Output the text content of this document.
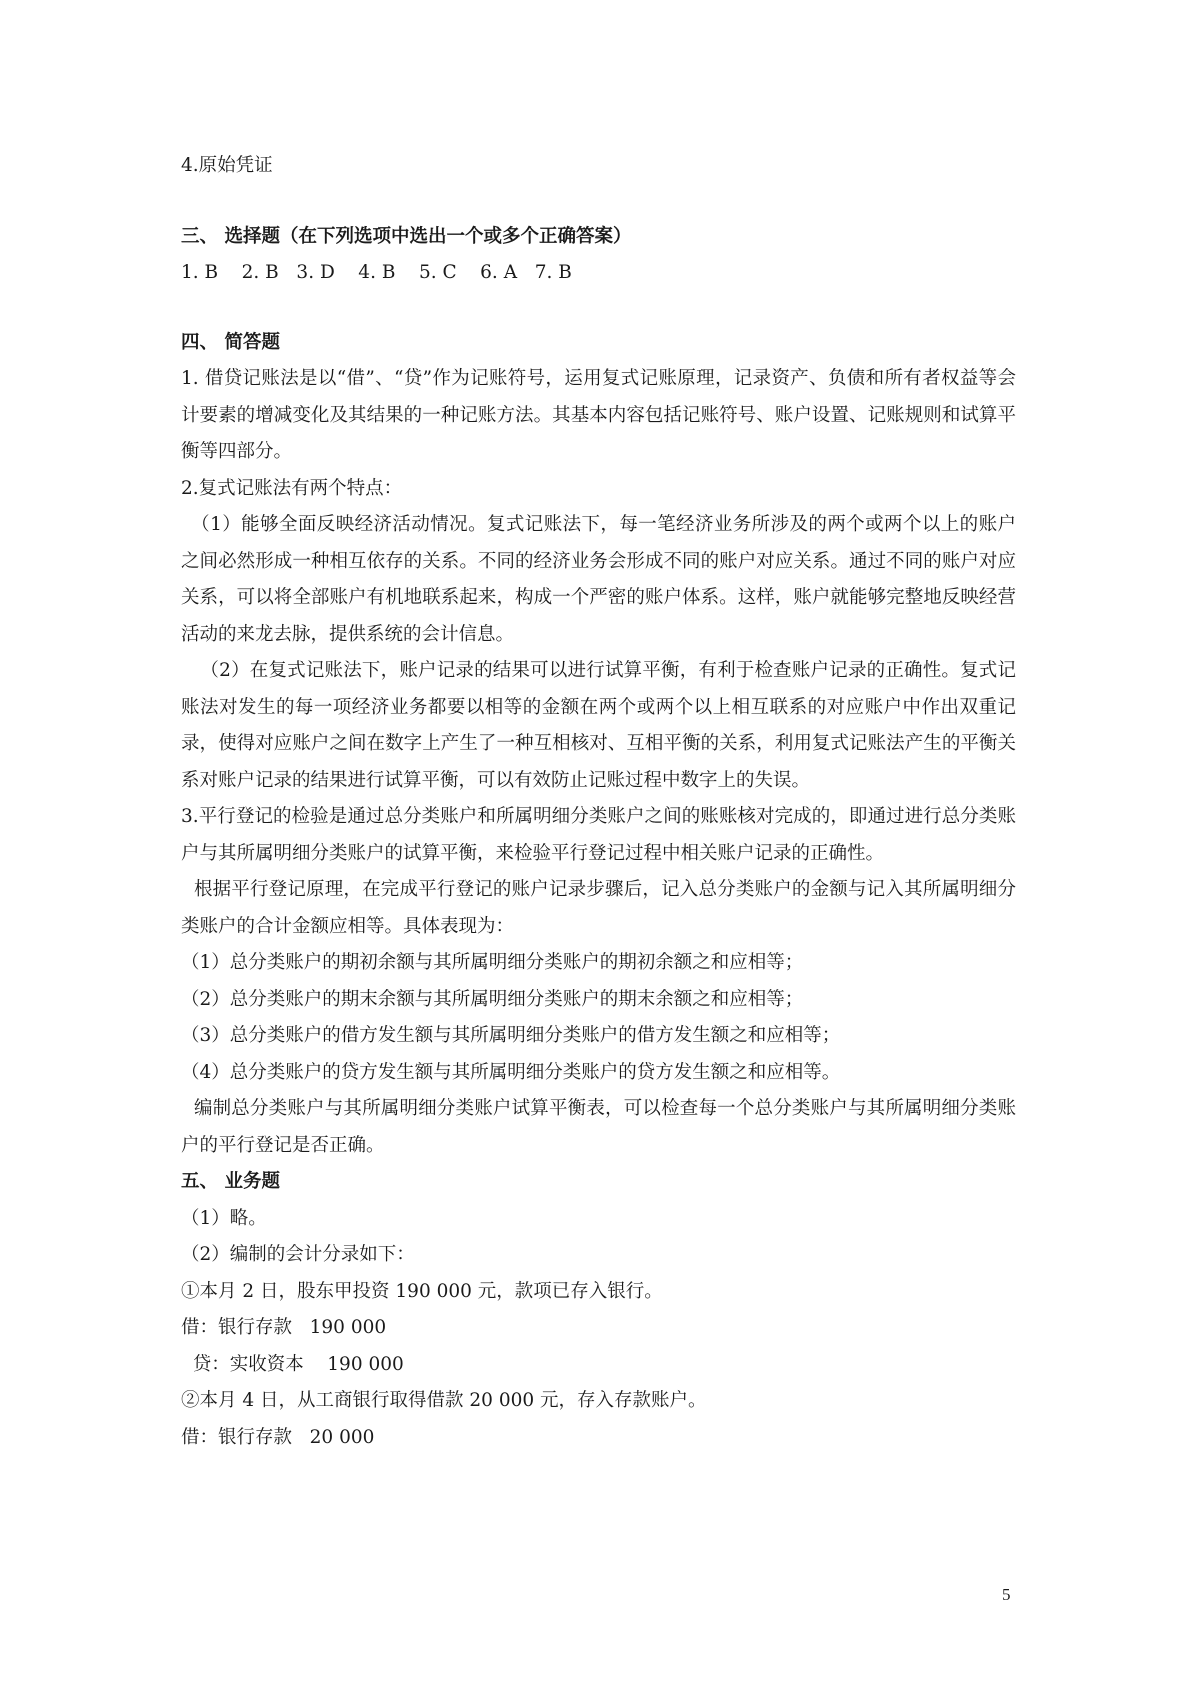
4.原始凭证
三、 选择题（在下列选项中选出一个或多个正确答案）
1. B    2. B   3. D    4. B    5. C    6. A   7. B
四、 简答题

1. 借贷记账法是以“借”、“贷”作为记账符号，运用复式记账原理，记录资产、负债和所有者权益等会计要素的增减变化及其结果的一种记账方法。其基本内容包括记账符号、账户设置、记账规则和试算平衡等四部分。

2.复式记账法有两个特点：

（1）能够全面反映经济活动情况。复式记账法下，每一笔经济业务所涉及的两个或两个以上的账户之间必然形成一种相互依存的关系。不同的经济业务会形成不同的账户对应关系。通过不同的账户对应关系，可以将全部账户有机地联系起来，构成一个严密的账户体系。这样，账户就能够完整地反映经营活动的来龙去脉，提供系统的会计信息。

（2）在复式记账法下，账户记录的结果可以进行试算平衡，有利于检查账户记录的正确性。复式记账法对发生的每一项经济业务都要以相等的金额在两个或两个以上相互联系的对应账户中作出双重记录，使得对应账户之间在数字上产生了一种互相核对、互相平衡的关系，利用复式记账法产生的平衡关系对账户记录的结果进行试算平衡，可以有效防止记账过程中数字上的失误。

3.平行登记的检验是通过总分类账户和所属明细分类账户之间的账账核对完成的，即通过进行总分类账户与其所属明细分类账户的试算平衡，来检验平行登记过程中相关账户记录的正确性。

根据平行登记原理，在完成平行登记的账户记录步骤后，记入总分类账户的金额与记入其所属明细分类账户的合计金额应相等。具体表现为：

（1）总分类账户的期初余额与其所属明细分类账户的期初余额之和应相等；
（2）总分类账户的期末余额与其所属明细分类账户的期末余额之和应相等；
（3）总分类账户的借方发生额与其所属明细分类账户的借方发生额之和应相等；
（4）总分类账户的贷方发生额与其所属明细分类账户的贷方发生额之和应相等。

编制总分类账户与其所属明细分类账户试算平衡表，可以检查每一个总分类账户与其所属明细分类账户的平行登记是否正确。

五、 业务题
（1）略。
（2）编制的会计分录如下：
①本月 2 日，股东甲投资 190 000 元，款项已存入银行。
借：银行存款   190 000
贷：实收资本    190 000
②本月 4 日，从工商银行取得借款 20 000 元，存入存款账户。
借：银行存款   20 000
5
